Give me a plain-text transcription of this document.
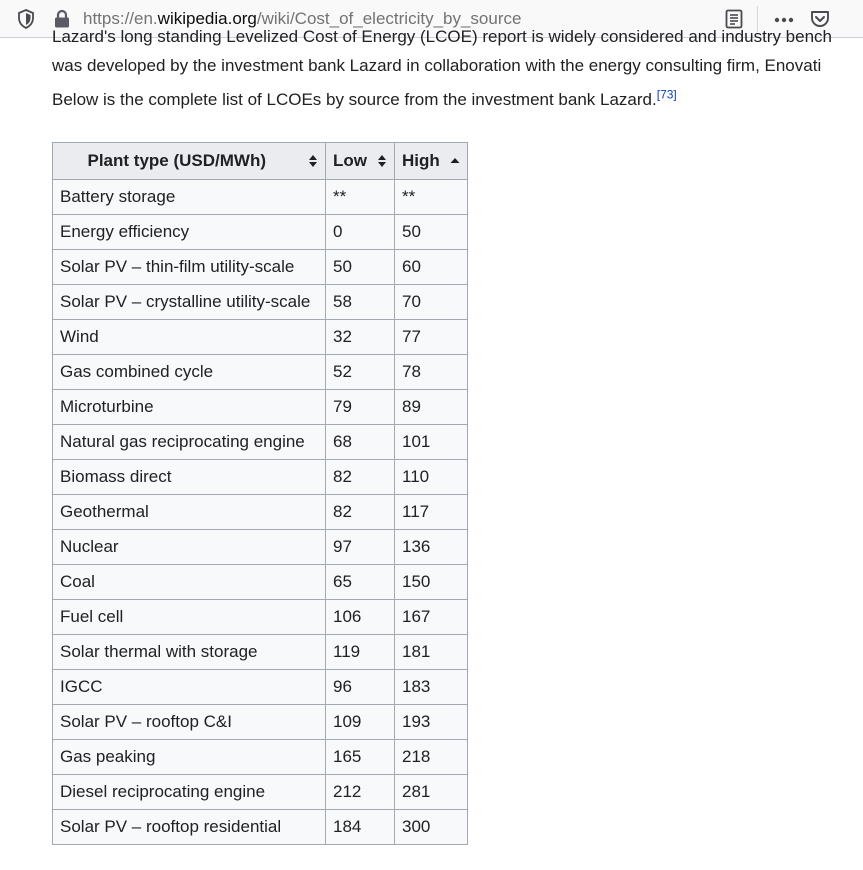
https://en.wikipedia.org/wiki/Cost_of_electricity_by_source

Lazard's long standing Levelized Cost of Energy (LCOE) report is widely considered and industry bench

was developed by the investment bank Lazard in collaboration with the energy consulting firm, Enovati

Below is the complete list of LCOEs by source from the investment bank Lazard.[73]

Plant type (USD/MWh)	Low	High

Battery storage	**	**
Energy efficiency	0	50
Solar PV – thin-film utility-scale	50	60
Solar PV – crystalline utility-scale	58	70
Wind	32	77
Gas combined cycle	52	78
Microturbine	79	89
Natural gas reciprocating engine	68	101
Biomass direct	82	110
Geothermal	82	117
Nuclear	97	136
Coal	65	150
Fuel cell	106	167
Solar thermal with storage	119	181
IGCC	96	183
Solar PV – rooftop C&I	109	193
Gas peaking	165	218
Diesel reciprocating engine	212	281
Solar PV – rooftop residential	184	300
